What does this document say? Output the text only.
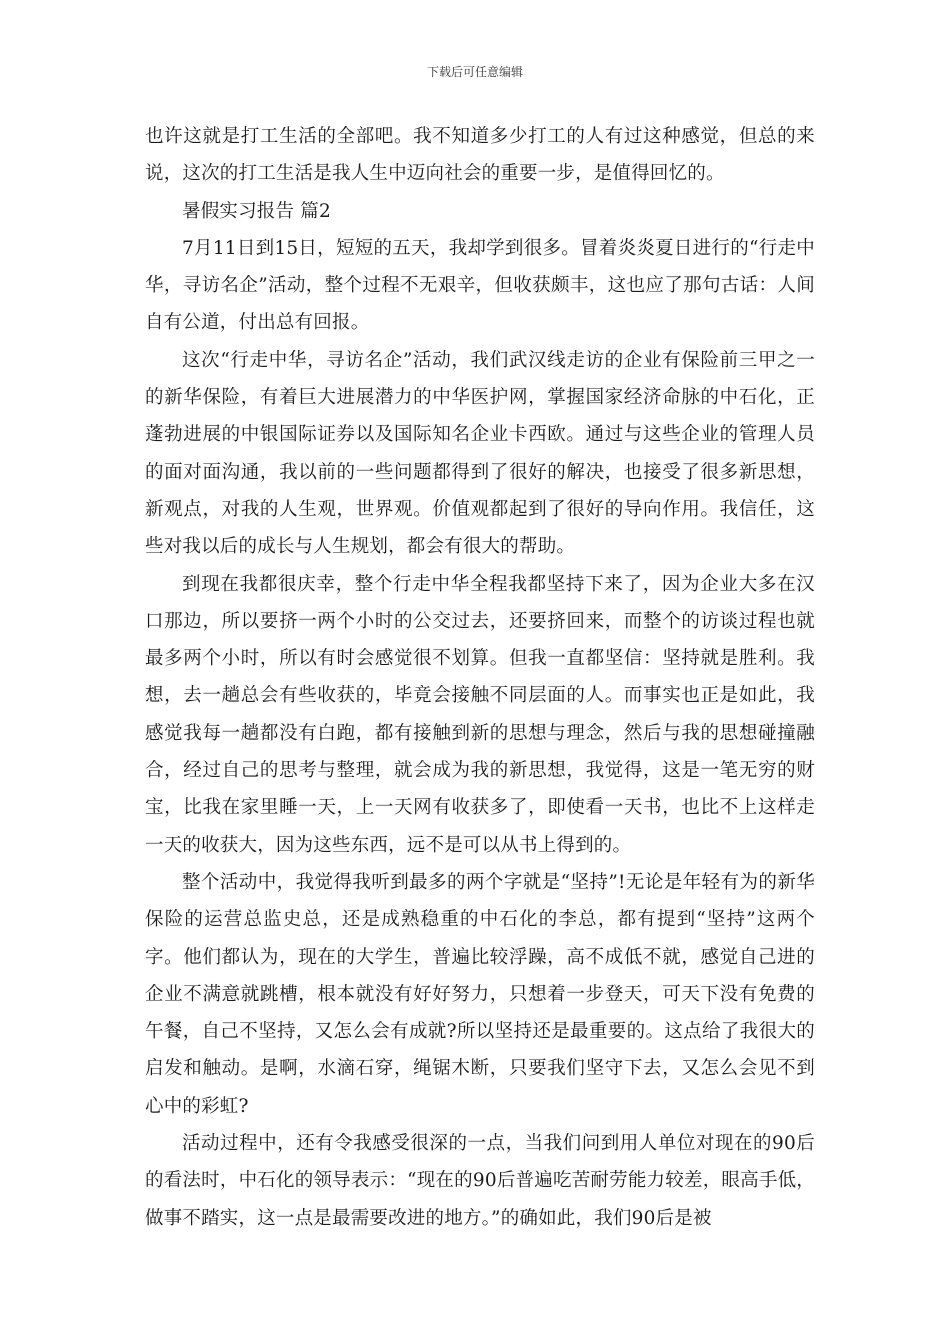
下载后可任意编辑

也许这就是打工生活的全部吧。我不知道多少打工的人有过这种感觉，但总的来说，这次的打工生活是我人生中迈向社会的重要一步，是值得回忆的。

暑假实习报告 篇2

7月11日到15日，短短的五天，我却学到很多。冒着炎炎夏日进行的“行走中华，寻访名企”活动，整个过程不无艰辛，但收获颇丰，这也应了那句古话：人间自有公道，付出总有回报。

这次“行走中华，寻访名企”活动，我们武汉线走访的企业有保险前三甲之一的新华保险，有着巨大进展潜力的中华医护网，掌握国家经济命脉的中石化，正蓬勃进展的中银国际证券以及国际知名企业卡西欧。通过与这些企业的管理人员的面对面沟通，我以前的一些问题都得到了很好的解决，也接受了很多新思想，新观点，对我的人生观，世界观。价值观都起到了很好的导向作用。我信任，这些对我以后的成长与人生规划，都会有很大的帮助。

到现在我都很庆幸，整个行走中华全程我都坚持下来了，因为企业大多在汉口那边，所以要挤一两个小时的公交过去，还要挤回来，而整个的访谈过程也就最多两个小时，所以有时会感觉很不划算。但我一直都坚信：坚持就是胜利。我想，去一趟总会有些收获的，毕竟会接触不同层面的人。而事实也正是如此，我感觉我每一趟都没有白跑，都有接触到新的思想与理念，然后与我的思想碰撞融合，经过自己的思考与整理，就会成为我的新思想，我觉得，这是一笔无穷的财宝，比我在家里睡一天，上一天网有收获多了，即使看一天书，也比不上这样走一天的收获大，因为这些东西，远不是可以从书上得到的。

整个活动中，我觉得我听到最多的两个字就是“坚持”!无论是年轻有为的新华保险的运营总监史总，还是成熟稳重的中石化的李总，都有提到“坚持”这两个字。他们都认为，现在的大学生，普遍比较浮躁，高不成低不就，感觉自己进的企业不满意就跳槽，根本就没有好好努力，只想着一步登天，可天下没有免费的午餐，自己不坚持，又怎么会有成就?所以坚持还是最重要的。这点给了我很大的启发和触动。是啊，水滴石穿，绳锯木断，只要我们坚守下去，又怎么会见不到心中的彩虹?

活动过程中，还有令我感受很深的一点，当我们问到用人单位对现在的90后的看法时，中石化的领导表示：“现在的90后普遍吃苦耐劳能力较差，眼高手低，做事不踏实，这一点是最需要改进的地方。”的确如此，我们90后是被
